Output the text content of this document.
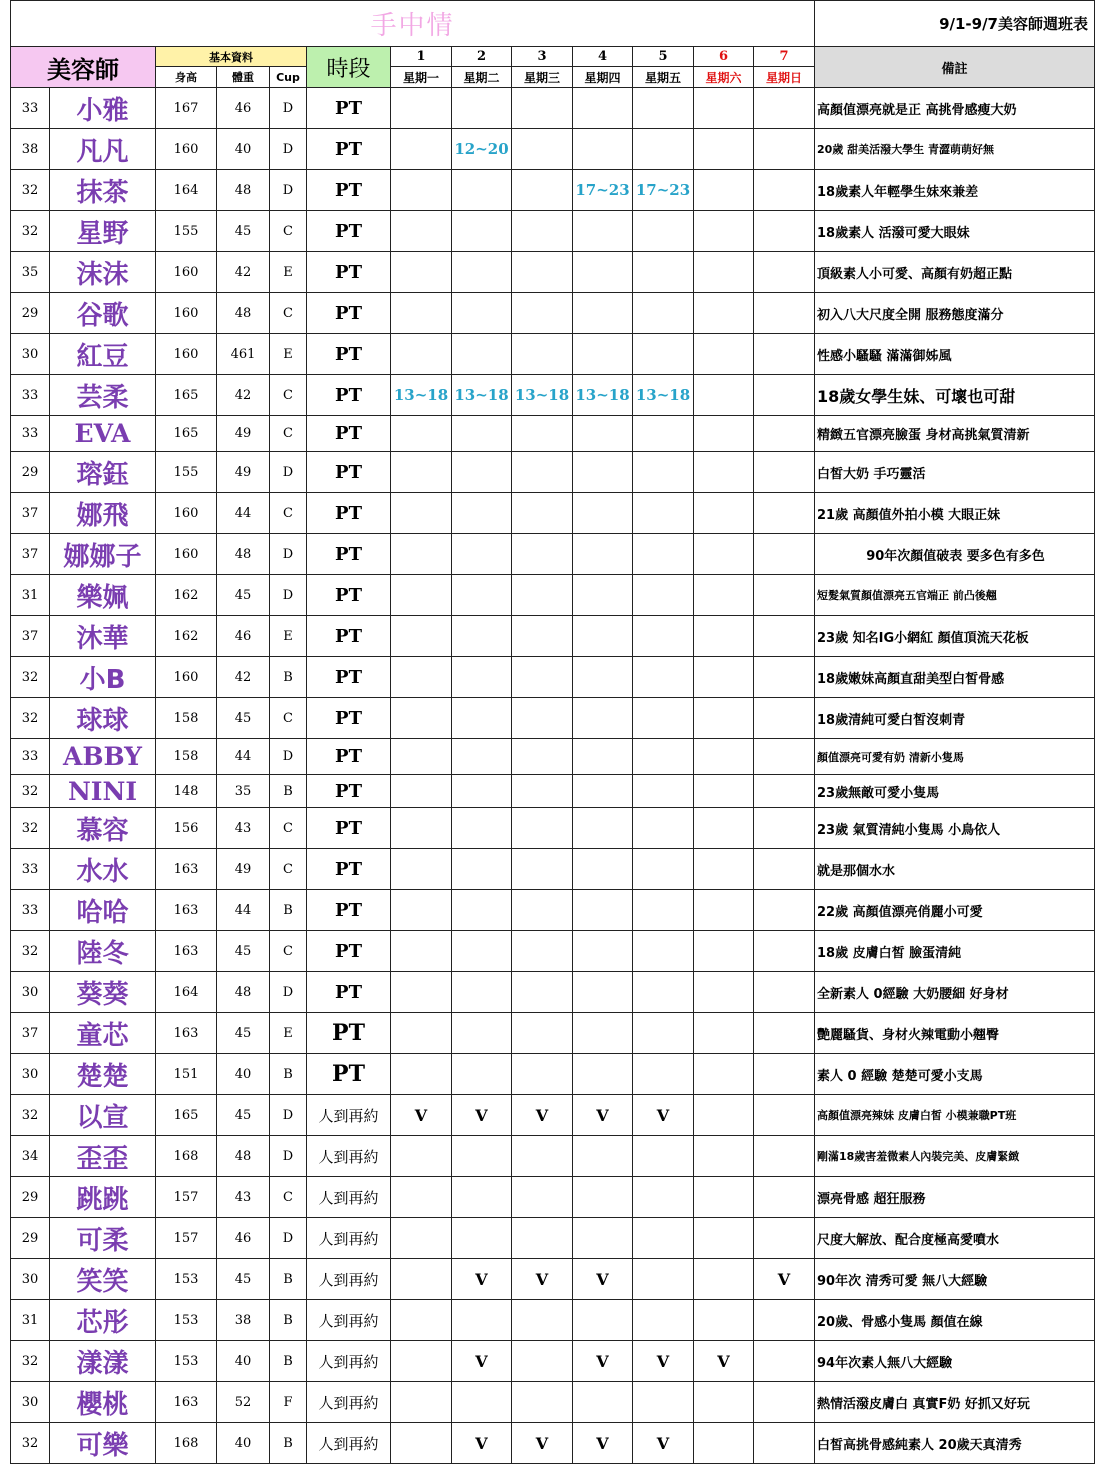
手中情													9/1-9/7美容師週班表
美容師		基本資料			時段	1	2	3	4	5	6	7	備註
		身高	體重	Cup		星期一	星期二	星期三	星期四	星期五	星期六	星期日	
33	小雅	167	46	D	PT								高顏值漂亮就是正 高挑骨感瘦大奶
38	凡凡	160	40	D	PT		12~20						20歲 甜美活潑大學生 青澀萌萌好無
32	抹茶	164	48	D	PT				17~23	17~23			18歲素人年輕學生妹來兼差
32	星野	155	45	C	PT								18歲素人 活潑可愛大眼妹
35	沫沫	160	42	E	PT								頂級素人小可愛、高顏有奶超正點
29	谷歌	160	48	C	PT								初入八大尺度全開 服務態度滿分
30	紅豆	160	461	E	PT								性感小騷騷 滿滿御姊風
33	芸柔	165	42	C	PT	13~18	13~18	13~18	13~18	13~18			18歲女學生妹、可壞也可甜
33	EVA	165	49	C	PT								精緻五官漂亮臉蛋 身材高挑氣質清新
29	瑢鈺	155	49	D	PT								白皙大奶 手巧靈活
37	娜飛	160	44	C	PT								21歲 高顏值外拍小模 大眼正妹
37	娜娜子	160	48	D	PT								90年次顏值破表 要多色有多色
31	樂姵	162	45	D	PT								短髮氣質顏值漂亮五官端正 前凸後翹
37	沐華	162	46	E	PT								23歲 知名IG小網紅 顏值頂流天花板
32	小B	160	42	B	PT								18歲嫩妹高顏直甜美型白皙骨感
32	球球	158	45	C	PT								18歲清純可愛白皙沒刺青
33	ABBY	158	44	D	PT								顏值漂亮可愛有奶 清新小隻馬
32	NINI	148	35	B	PT								23歲無敵可愛小隻馬
32	慕容	156	43	C	PT								23歲 氣質清純小隻馬 小鳥依人
33	水水	163	49	C	PT								就是那個水水
33	哈哈	163	44	B	PT								22歲 高顏值漂亮俏麗小可愛
32	陸冬	163	45	C	PT								18歲 皮膚白皙 臉蛋清純
30	葵葵	164	48	D	PT								全新素人 0經驗 大奶腰細 好身材
37	童芯	163	45	E	PT								艷麗騷貨、身材火辣電動小翹臀
30	楚楚	151	40	B	PT								素人 0 經驗 楚楚可愛小支馬
32	以宣	165	45	D	人到再約	V	V	V	V	V			高顏值漂亮辣妹 皮膚白皙 小模兼職PT班
34	歪歪	168	48	D	人到再約								剛滿18歲害羞微素人內裝完美、皮膚緊緻
29	跳跳	157	43	C	人到再約								漂亮骨感 超狂服務
29	可柔	157	46	D	人到再約								尺度大解放、配合度極高愛噴水
30	笑笑	153	45	B	人到再約		V	V	V			V	90年次 清秀可愛 無八大經驗
31	芯彤	153	38	B	人到再約								20歲、骨感小隻馬 顏值在線
32	漾漾	153	40	B	人到再約		V		V	V	V		94年次素人無八大經驗
30	櫻桃	163	52	F	人到再約								熱情活潑皮膚白 真實F奶 好抓又好玩
32	可樂	168	40	B	人到再約		V	V	V	V			白皙高挑骨感純素人 20歲天真清秀
